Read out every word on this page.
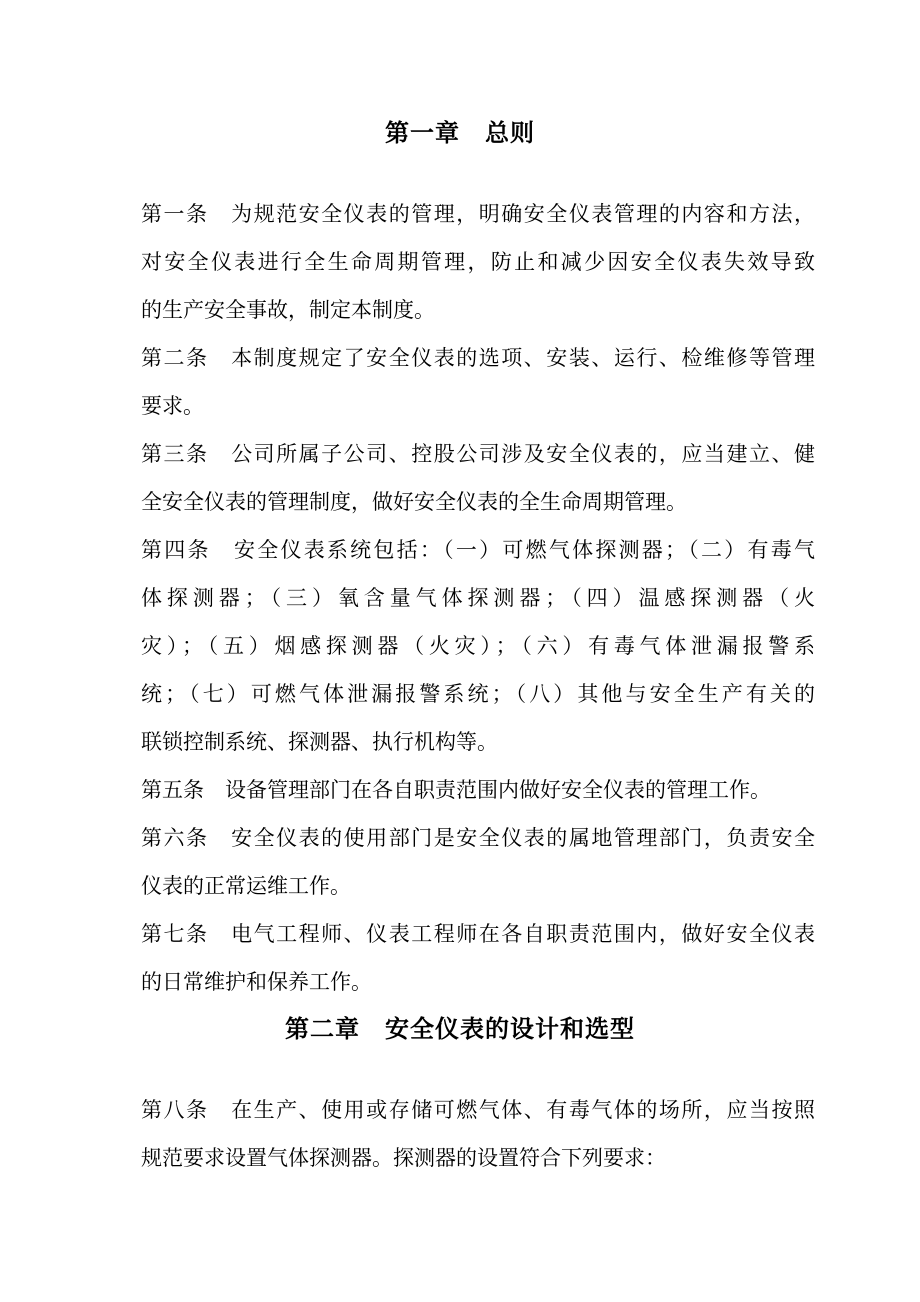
第一章　总则
第一条　为规范安全仪表的管理，明确安全仪表管理的内容和方法，
对安全仪表进行全生命周期管理，防止和减少因安全仪表失效导致
的生产安全事故，制定本制度。
第二条　本制度规定了安全仪表的选项、安装、运行、检维修等管理
要求。
第三条　公司所属子公司、控股公司涉及安全仪表的，应当建立、健
全安全仪表的管理制度，做好安全仪表的全生命周期管理。
第四条　安全仪表系统包括：（一）可燃气体探测器；（二）有毒气
体探测器；（三）氧含量气体探测器；（四）温感探测器（火
灾）；（五）烟感探测器（火灾）；（六）有毒气体泄漏报警系
统；（七）可燃气体泄漏报警系统；（八）其他与安全生产有关的
联锁控制系统、探测器、执行机构等。
第五条　设备管理部门在各自职责范围内做好安全仪表的管理工作。
第六条　安全仪表的使用部门是安全仪表的属地管理部门，负责安全
仪表的正常运维工作。
第七条　电气工程师、仪表工程师在各自职责范围内，做好安全仪表
的日常维护和保养工作。
第二章　安全仪表的设计和选型
第八条　在生产、使用或存储可燃气体、有毒气体的场所，应当按照
规范要求设置气体探测器。探测器的设置符合下列要求：
